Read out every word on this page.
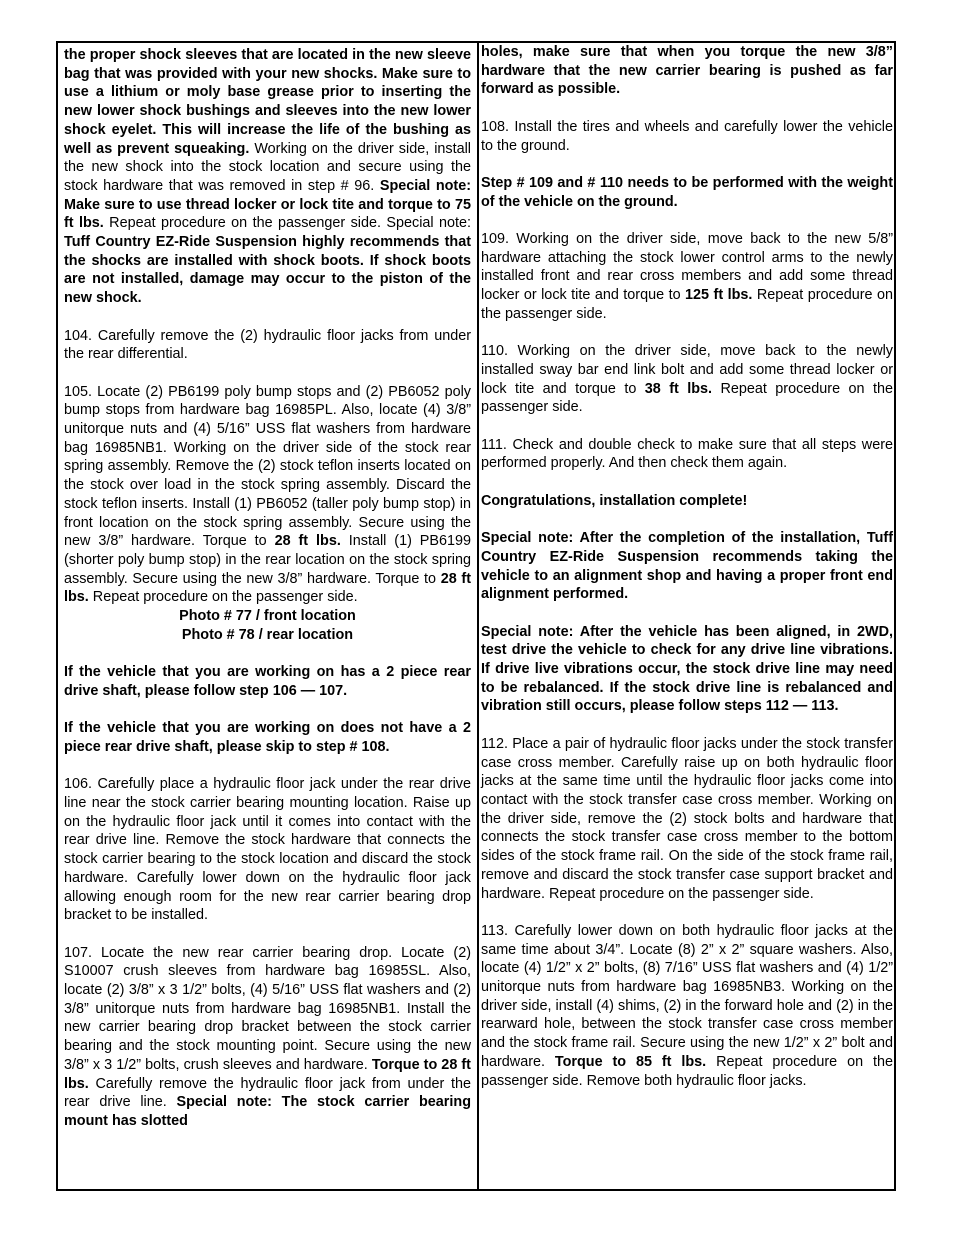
the proper shock sleeves that are located in the new sleeve bag that was provided with your new shocks. Make sure to use a lithium or moly base grease prior to inserting the new lower shock bushings and sleeves into the new lower shock eyelet. This will increase the life of the bushing as well as prevent squeaking. Working on the driver side, install the new shock into the stock location and secure using the stock hardware that was removed in step # 96. Special note: Make sure to use thread locker or lock tite and torque to 75 ft lbs. Repeat procedure on the passenger side. Special note: Tuff Country EZ-Ride Suspension highly recommends that the shocks are installed with shock boots. If shock boots are not installed, damage may occur to the piston of the new shock.

104. Carefully remove the (2) hydraulic floor jacks from under the rear differential.

105. Locate (2) PB6199 poly bump stops and (2) PB6052 poly bump stops from hardware bag 16985PL. Also, locate (4) 3/8” unitorque nuts and (4) 5/16” USS flat washers from hardware bag 16985NB1. Working on the driver side of the stock rear spring assembly. Remove the (2) stock teflon inserts located on the stock over load in the stock spring assembly. Discard the stock teflon inserts. Install (1) PB6052 (taller poly bump stop) in front location on the stock spring assembly. Secure using the new 3/8” hardware. Torque to 28 ft lbs. Install (1) PB6199 (shorter poly bump stop) in the rear location on the stock spring assembly. Secure using the new 3/8” hardware. Torque to 28 ft lbs. Repeat procedure on the passenger side.

Photo # 77 / front location

Photo # 78 / rear location

If the vehicle that you are working on has a 2 piece rear drive shaft, please follow step 106 — 107.

If the vehicle that you are working on does not have a 2 piece rear drive shaft, please skip to step # 108.

106. Carefully place a hydraulic floor jack under the rear drive line near the stock carrier bearing mounting location. Raise up on the hydraulic floor jack until it comes into contact with the rear drive line. Remove the stock hardware that connects the stock carrier bearing to the stock location and discard the stock hardware. Carefully lower down on the hydraulic floor jack allowing enough room for the new rear carrier bearing drop bracket to be installed.

107. Locate the new rear carrier bearing drop. Locate (2) S10007 crush sleeves from hardware bag 16985SL. Also, locate (2) 3/8” x 3 1/2” bolts, (4) 5/16” USS flat washers and (2) 3/8” unitorque nuts from hardware bag 16985NB1. Install the new carrier bearing drop bracket between the stock carrier bearing and the stock mounting point. Secure using the new 3/8” x 3 1/2” bolts, crush sleeves and hardware. Torque to 28 ft lbs. Carefully remove the hydraulic floor jack from under the rear drive line. Special note: The stock carrier bearing mount has slotted

holes, make sure that when you torque the new 3/8” hardware that the new carrier bearing is pushed as far forward as possible.

108. Install the tires and wheels and carefully lower the vehicle to the ground.

Step # 109 and # 110 needs to be performed with the weight of the vehicle on the ground.

109. Working on the driver side, move back to the new 5/8” hardware attaching the stock lower control arms to the newly installed front and rear cross members and add some thread locker or lock tite and torque to 125 ft lbs. Repeat procedure on the passenger side.

110. Working on the driver side, move back to the newly installed sway bar end link bolt and add some thread locker or lock tite and torque to 38 ft lbs. Repeat procedure on the passenger side.

111. Check and double check to make sure that all steps were performed properly. And then check them again.

Congratulations, installation complete!

Special note: After the completion of the installation, Tuff Country EZ-Ride Suspension recommends taking the vehicle to an alignment shop and having a proper front end alignment performed.

Special note: After the vehicle has been aligned, in 2WD, test drive the vehicle to check for any drive line vibrations. If drive live vibrations occur, the stock drive line may need to be rebalanced. If the stock drive line is rebalanced and vibration still occurs, please follow steps 112 — 113.

112. Place a pair of hydraulic floor jacks under the stock transfer case cross member. Carefully raise up on both hydraulic floor jacks at the same time until the hydraulic floor jacks come into contact with the stock transfer case cross member. Working on the driver side, remove the (2) stock bolts and hardware that connects the stock transfer case cross member to the bottom sides of the stock frame rail. On the side of the stock frame rail, remove and discard the stock transfer case support bracket and hardware. Repeat procedure on the passenger side.

113. Carefully lower down on both hydraulic floor jacks at the same time about 3/4”. Locate (8) 2” x 2” square washers. Also, locate (4) 1/2” x 2” bolts, (8) 7/16” USS flat washers and (4) 1/2” unitorque nuts from hardware bag 16985NB3. Working on the driver side, install (4) shims, (2) in the forward hole and (2) in the rearward hole, between the stock transfer case cross member and the stock frame rail. Secure using the new 1/2” x 2” bolt and hardware. Torque to 85 ft lbs. Repeat procedure on the passenger side. Remove both hydraulic floor jacks.
